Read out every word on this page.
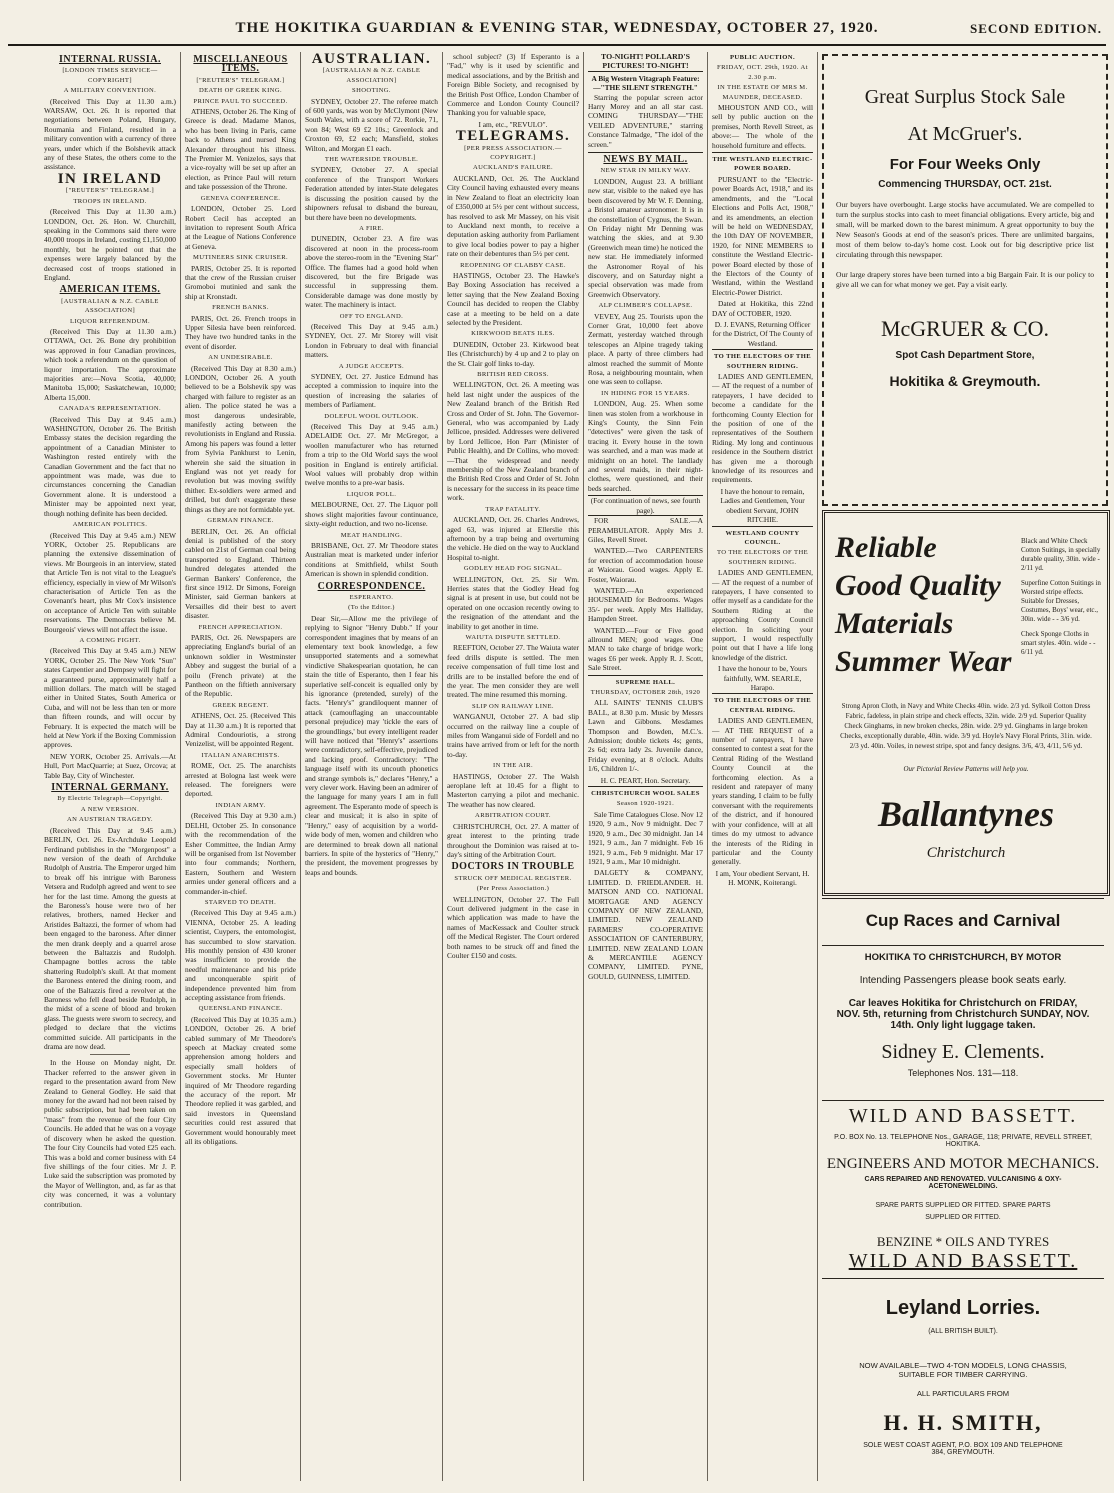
THE HOKITIKA GUARDIAN & EVENING STAR, WEDNESDAY, OCTOBER 27, 1920.	SECOND EDITION.
INTERNAL RUSSIA.
[LONDON TIMES SERVICE—COPYRIGHT]
A MILITARY CONVENTION.

(Received This Day at 11.30 a.m.) WARSAW, Oct. 26. It is reported that negotiations between Poland, Hungary, Roumania and Finland, resulted in a military convention with a currency of three years, under which if the Bolshevik attack any of these States, the others come to the assistance.

IN IRELAND
["REUTER'S" TELEGRAM.]
TROOPS IN IRELAND.

(Received This Day at 11.30 a.m.) LONDON, Oct. 26. Hon. W. Churchill, speaking in the Commons said there were 40,000 troops in Ireland, costing £1,150,000 monthly, but he pointed out that the expenses were largely balanced by the decreased cost of troops stationed in England.

AMERICAN ITEMS.
[AUSTRALIAN & N.Z. CABLE ASSOCIATION]
LIQUOR REFERENDUM.

(Received This Day at 11.30 a.m.) OTTAWA, Oct. 26. Bone dry prohibition was approved in four Canadian provinces, which took a referendum on the question of liquor importation. The approximate majorities are:—Nova Scotia, 40,000; Manitoba 15,000; Saskatchewan, 10,000; Alberta 15,000.

CANADA'S REPRESENTATION.

(Received This Day at 9.45 a.m.) WASHINGTON, October 26. The British Embassy states the decision regarding the appointment of a Canadian Minister to Washington rested entirely with the Canadian Government and the fact that no appointment was made, was due to circumstances concerning the Canadian Government alone. It is understood a Minister may be appointed next year, though nothing definite has been decided.

AMERICAN POLITICS.

(Received This Day at 9.45 a.m.) NEW YORK, October 25. Republicans are planning the extensive dissemination of views. Mr Bourgeois in an interview, stated that Article Ten is not vital to the League's efficiency, especially in view of Mr Wilson's characterisation of Article Ten as the Covenant's heart, plus Mr Cox's insistence on acceptance of Article Ten with suitable reservations. The Democrats believe M. Bourgeois' views will not affect the issue.

A COMING FIGHT.

(Received This Day at 9.45 a.m.) NEW YORK, October 25. The New York "Sun" states Carpentier and Dempsey will fight for a guaranteed purse, approximately half a million dollars. The match will be staged either in United States, South America or Cuba, and will not be less than ten or more than fifteen rounds, and will occur by February. It is expected the match will be held at New York if the Boxing Commission approves.

NEW YORK, October 25. Arrivals.—At Hull, Port MacQuarrie; at Suez, Orcova; at Table Bay, City of Winchester.

INTERNAL GERMANY.
By Electric Telegraph—Copyright.
A NEW VERSION.
AN AUSTRIAN TRAGEDY.

(Received This Day at 9.45 a.m.) BERLIN, Oct. 26. Ex-Archduke Leopold Ferdinand publishes in the "Morgenpost" a new version of the death of Archduke Rudolph of Austria. The Emperor urged him to break off his intrigue with Baroness Vetsera and Rudolph agreed and went to see her for the last time. Among the guests at the Baroness's house were two of her relatives, brothers, named Hecker and Aristides Baltazzi, the former of whom had been engaged to the baroness. After dinner the men drank deeply and a quarrel arose between the Baltazzis and Rudolph. Champagne bottles across the table shattering Rudolph's skull. At that moment the Baroness entered the dining room, and one of the Baltazzis fired a revolver at the Baroness who fell dead beside Rudolph, in the midst of a scene of blood and broken glass. The guests were sworn to secrecy, and pledged to declare that the victims committed suicide. All participants in the drama are now dead.

In the House on Monday night, Dr. Thacker referred to the answer given in regard to the presentation award from New Zealand to General Godley. He said that money for the award had not been raised by public subscription, but had been taken on "mass" from the revenue of the four City Councils. He added that he was on a voyage of discovery when he asked the question. The four City Councils had voted £25 each. This was a bold and corner business with £4 five shillings of the four cities. Mr J. P. Luke said the subscription was promoted by the Mayor of Wellington, and, as far as that city was concerned, it was a voluntary contribution.

MISCELLANEOUS ITEMS.
["REUTER'S" TELEGRAM.]
DEATH OF GREEK KING.
PRINCE PAUL TO SUCCEED.

ATHENS, October 26. The King of Greece is dead. Madame Manos, who has been living in Paris, came back to Athens and nursed King Alexander throughout his illness. The Premier M. Venizelos, says that a vice-royalty will be set up after an election, as Prince Paul will return and take possession of the Throne.

GENEVA CONFERENCE.

LONDON, October 25. Lord Robert Cecil has accepted an invitation to represent South Africa at the League of Nations Conference at Geneva.

MUTINEERS SINK CRUISER.

PARIS, October 25. It is reported that the crew of the Russian cruiser Gromoboi mutinied and sank the ship at Kronstadt.

FRENCH BANKS.

PARIS, Oct. 26. French troops in Upper Silesia have been reinforced. They have two hundred tanks in the event of disorder.

AN UNDESIRABLE.

(Received This Day at 8.30 a.m.) LONDON, October 26. A youth believed to be a Bolshevik spy was charged with failure to register as an alien. The police stated he was a most dangerous undesirable, manifestly acting between the revolutionists in England and Russia. Among his papers was found a letter from Sylvia Pankhurst to Lenin, wherein she said the situation in England was not yet ready for revolution but was moving swiftly thither. Ex-soldiers were armed and drilled, but don't exaggerate these things as they are not formidable yet.

GERMAN FINANCE.

BERLIN, Oct. 26. An official denial is published of the story cabled on 21st of German coal being transported to England. Thirteen hundred delegates attended the German Bankers' Conference, the first since 1912. Dr Simons, Foreign Minister, said German bankers at Versailles did their best to avert disaster.

FRENCH APPRECIATION.

PARIS, Oct. 26. Newspapers are appreciating England's burial of an unknown soldier in Westminster Abbey and suggest the burial of a poilu (French private) at the Pantheon on the fiftieth anniversary of the Republic.

GREEK REGENT.

ATHENS, Oct. 25. (Received This Day at 11.30 a.m.) It is reported that Admiral Condouriotis, a strong Venizelist, will be appointed Regent.

ITALIAN ANARCHISTS.

ROME, Oct. 25. The anarchists arrested at Bologna last week were released. The foreigners were deported.

INDIAN ARMY.

(Received This Day at 9.30 a.m.) DELHI, October 25. In consonance with the recommendation of the Esher Committee, the Indian Army will be organised from 1st November into four commands; Northern, Eastern, Southern and Western armies under general officers and a commander-in-chief.

STARVED TO DEATH.

(Received This Day at 9.45 a.m.) VIENNA, October 25. A leading scientist, Cuypers, the entomologist, has succumbed to slow starvation. His monthly pension of 430 kroner was insufficient to provide the needful maintenance and his pride and unconquerable spirit of independence prevented him from accepting assistance from friends.

QUEENSLAND FINANCE.

(Received This Day at 10.35 a.m.) LONDON, October 26. A brief cabled summary of Mr Theodore's speech at Mackay created some apprehension among holders and especially small holders of Government stocks. Mr Hunter inquired of Mr Theodore regarding the accuracy of the report. Mr Theodore replied it was garbled, and said investors in Queensland securities could rest assured that Government would honourably meet all its obligations.

AUSTRALIAN.
[AUSTRALIAN & N.Z. CABLE ASSOCIATION]
SHOOTING.

SYDNEY, October 27. The referee match of 600 yards, was won by McClymont (New South Wales, with a score of 72. Rorkie, 71, won 84; West 69 £2 10s.; Greenlock and Croxton 69, £2 each; Mansfield, stokes Wilton, and Morgan £1 each.

THE WATERSIDE TROUBLE.

SYDNEY, October 27. A special conference of the Transport Workers Federation attended by inter-State delegates is discussing the position caused by the shipowners refusal to disband the bureau, but there have been no developments.

A FIRE.

DUNEDIN, October 23. A fire was discovered at noon in the process-room above the stereo-room in the "Evening Star" Office. The flames had a good hold when discovered, but the fire Brigade was successful in suppressing them. Considerable damage was done mostly by water. The machinery is intact.

OFF TO ENGLAND.

(Received This Day at 9.45 a.m.) SYDNEY, Oct. 27. Mr Storey will visit London in February to deal with financial matters.

A JUDGE ACCEPTS.

SYDNEY, Oct. 27. Justice Edmund has accepted a commission to inquire into the question of increasing the salaries of members of Parliament.

DOLEFUL WOOL OUTLOOK.

(Received This Day at 9.45 a.m.) ADELAIDE Oct. 27. Mr McGregor, a woollen manufacturer who has returned from a trip to the Old World says the wool position in England is entirely artificial. Wool values will probably drop within twelve months to a pre-war basis.

LIQUOR POLL.

MELBOURNE, Oct. 27. The Liquor poll shows slight majorities favour continuance, sixty-eight reduction, and two no-license.

MEAT HANDLING.

BRISBANE, Oct. 27. Mr Theodore states Australian meat is marketed under inferior conditions at Smithfield, whilst South American is shown in splendid condition.

CORRESPONDENCE.
ESPERANTO.
(To the Editor.)

Dear Sir,—Allow me the privilege of replying to Signor "Henry Dubb." If your correspondent imagines that by means of an elementary text book knowledge, a few unsupported statements and a somewhat vindictive Shakespearian quotation, he can stain the title of Esperanto, then I fear his superlative self-conceit is equalled only by his ignorance (pretended, surely) of the facts. "Henry's" grandiloquent manner of attack (camouflaging an unaccountable personal prejudice) may 'tickle the ears of the groundlings,' but every intelligent reader will have noticed that "Henry's" assertions were contradictory, self-effective, prejudiced and lacking proof. Contradictory: "The language itself with its uncouth phonetics and strange symbols is," declares "Henry," a very clever work. Having been an admirer of the language for many years I am in full agreement. The Esperanto mode of speech is clear and musical; it is also in spite of "Henry," easy of acquisition by a world-wide body of men, women and children who are determined to break down all national barriers. In spite of the hysterics of "Henry," the president, the movement progresses by leaps and bounds.

school subject? (3) If Esperanto is a "Fad," why is it used by scientific and medical associations, and by the British and Foreign Bible Society, and recognised by the British Post Office, London Chamber of Commerce and London County Council? Thanking you for valuable space,

I am, etc., "REVULO".
TELEGRAMS.
[PER PRESS ASSOCIATION.—COPYRIGHT.]
AUCKLAND'S FAILURE.

AUCKLAND, Oct. 26. The Auckland City Council having exhausted every means in New Zealand to float an electricity loan of £350,000 at 5½ per cent without success, has resolved to ask Mr Massey, on his visit to Auckland next month, to receive a deputation asking authority from Parliament to give local bodies power to pay a higher rate on their debentures than 5½ per cent.

REOPENING OF CLABBY CASE.

HASTINGS, October 23. The Hawke's Bay Boxing Association has received a letter saying that the New Zealand Boxing Council has decided to reopen the Clabby case at a meeting to be held on a date selected by the President.

KIRKWOOD BEATS ILES.

DUNEDIN, October 23. Kirkwood beat Iles (Christchurch) by 4 up and 2 to play on the St. Clair golf links to-day.

BRITISH RED CROSS.

WELLINGTON, Oct. 26. A meeting was held last night under the auspices of the New Zealand branch of the British Red Cross and Order of St. John. The Governor-General, who was accompanied by Lady Jellicoe, presided. Addresses were delivered by Lord Jellicoe, Hon Parr (Minister of Public Health), and Dr Collins, who moved:—That the widespread and needy membership of the New Zealand branch of the British Red Cross and Order of St. John is necessary for the success in its peace time work.

TRAP FATALITY.

AUCKLAND, Oct. 26. Charles Andrews, aged 63, was injured at Ellerslie this afternoon by a trap being and overturning the vehicle. He died on the way to Auckland Hospital to-night.

GODLEY HEAD FOG SIGNAL.

WELLINGTON, Oct. 25. Sir Wm. Herries states that the Godley Head fog signal is at present in use, but could not be operated on one occasion recently owing to the resignation of the attendant and the inability to get another in time.

WAIUTA DISPUTE SETTLED.

REEFTON, October 27. The Waiuta water feed drills dispute is settled. The men receive compensation of full time lost and drills are to be installed before the end of the year. The men consider they are well treated. The mine resumed this morning.

SLIP ON RAILWAY LINE.

WANGANUI, October 27. A bad slip occurred on the railway line a couple of miles from Wanganui side of Fordell and no trains have arrived from or left for the north to-day.

IN THE AIR.

HASTINGS, October 27. The Walsh aeroplane left at 10.45 for a flight to Masterton carrying a pilot and mechanic. The weather has now cleared.

ARBITRATION COURT.

CHRISTCHURCH, Oct. 27. A matter of great interest to the printing trade throughout the Dominion was raised at to-day's sitting of the Arbitration Court.

DOCTORS IN TROUBLE
STRUCK OFF MEDICAL REGISTER.
(Per Press Association.)

WELLINGTON, October 27. The Full Court delivered judgment in the case in which application was made to have the names of MacKessack and Coulter struck off the Medical Register. The Court ordered both names to be struck off and fined the Coulter £150 and costs.

TO-NIGHT! POLLARD'S PICTURES! TO-NIGHT!
A Big Western Vitagraph Feature:—"THE SILENT STRENGTH."

Starring the popular screen actor Harry Morey and an all star cast. COMING THURSDAY—"THE VEILED ADVENTURE," starring Constance Talmadge, "The idol of the screen."

NEWS BY MAIL.
NEW STAR IN MILKY WAY.

LONDON, August 23. A brilliant new star, visible to the naked eye has been discovered by Mr W. F. Denning, a Bristol amateur astronomer. It is in the constellation of Cygnus, the Swan. On Friday night Mr Denning was watching the skies, and at 9.30 (Greenwich mean time) he noticed the new star. He immediately informed the Astronomer Royal of his discovery, and on Saturday night a special observation was made from Greenwich Observatory.

ALP CLIMBER'S COLLAPSE.

VEVEY, Aug 25. Tourists upon the Corner Grat, 10,000 feet above Zermatt, yesterday watched through telescopes an Alpine tragedy taking place. A party of three climbers had almost reached the summit of Monte Rosa, a neighbouring mountain, when one was seen to collapse.

IN HIDING FOR 15 YEARS.

LONDON, Aug. 25. When some linen was stolen from a workhouse in King's County, the Sinn Fein "detectives" were given the task of tracing it. Every house in the town was searched, and a man was made at midnight on an hotel. The landlady and several maids, in their night-clothes, were questioned, and their beds searched.

(For continuation of news, see fourth page).

FOR SALE.—A PERAMBULATOR. Apply Mrs J. Giles, Revell Street.

WANTED.—Two CARPENTERS for erection of accommodation house at Waiorau. Good wages. Apply E. Foster, Waiorau.

WANTED.—An experienced HOUSEMAID for Bedrooms. Wages 35/- per week. Apply Mrs Halliday, Hampden Street.

WANTED.—Four or Five good allround MEN; good wages. One MAN to take charge of bridge work; wages £6 per week. Apply R. J. Scott, Sale Street.

SUPREME HALL.
THURSDAY, OCTOBER 28th, 1920

ALL SAINTS' TENNIS CLUB'S BALL, at 8.30 p.m. Music by Messrs Lawn and Gibbons. Mesdames Thompson and Bowden, M.C.'s. Admission; double tickets 4s; gents, 2s 6d; extra lady 2s. Juvenile dance, Friday evening, at 8 o'clock. Adults 1/6, Children 1/-.

H. C. PEART, Hon. Secretary.
CHRISTCHURCH WOOL SALES
Season 1920-1921.

Sale Time Catalogues Close. Nov 12 1920, 9 a.m., Nov 9 midnight. Dec 7 1920, 9 a.m., Dec 30 midnight. Jan 14 1921, 9 a.m., Jan 7 midnight. Feb 16 1921, 9 a.m., Feb 9 midnight. Mar 17 1921, 9 a.m., Mar 10 midnight.

DALGETY & COMPANY, LIMITED. D. FRIEDLANDER. H. MATSON AND CO. NATIONAL MORTGAGE AND AGENCY COMPANY OF NEW ZEALAND, LIMITED. NEW ZEALAND FARMERS' CO-OPERATIVE ASSOCIATION OF CANTERBURY, LIMITED. NEW ZEALAND LOAN & MERCANTILE AGENCY COMPANY, LIMITED. PYNE, GOULD, GUINNESS, LIMITED.

PUBLIC AUCTION.
FRIDAY, OCT. 29th, 1920. At 2.30 p.m.
IN THE ESTATE OF MRS M. MAUNDER, DECEASED.

MHOUSTON AND CO., will sell by public auction on the premises, North Revell Street, as above:— The whole of the household furniture and effects.

THE WESTLAND ELECTRIC-POWER BOARD.

PURSUANT to the "Electric-power Boards Act, 1918," and its amendments, and the "Local Elections and Polls Act, 1908," and its amendments, an election will be held on WEDNESDAY, the 10th DAY OF NOVEMBER, 1920, for NINE MEMBERS to constitute the Westland Electric-power Board elected by those of the Electors of the County of Westland, within the Westland Electric-Power District.

Dated at Hokitika, this 22nd DAY of OCTOBER, 1920.

D. J. EVANS, Returning Officer for the District, Of The County of Westland.
TO THE ELECTORS OF THE SOUTHERN RIDING.

LADIES AND GENTLEMEN,— AT the request of a number of ratepayers, I have decided to become a candidate for the forthcoming County Election for the position of one of the representatives of the Southern Riding. My long and continuous residence in the Southern district has given me a thorough knowledge of its resources and requirements.

I have the honour to remain, Ladies and Gentlemen, Your obedient Servant, JOHN RITCHIE.
WESTLAND COUNTY COUNCIL.
TO THE ELECTORS OF THE SOUTHERN RIDING.

LADIES AND GENTLEMEN,— AT the request of a number of ratepayers, I have consented to offer myself as a candidate for the Southern Riding at the approaching County Council election. In soliciting your support, I would respectfully point out that I have a life long knowledge of the district.

I have the honour to be, Yours faithfully, WM. SEARLE, Harapo.
TO THE ELECTORS OF THE CENTRAL RIDING.

LADIES AND GENTLEMEN,— AT THE REQUEST of a number of ratepayers, I have consented to contest a seat for the Central Riding of the Westland County Council at the forthcoming election. As a resident and ratepayer of many years standing, I claim to be fully conversant with the requirements of the district, and if honoured with your confidence, will at all times do my utmost to advance the interests of the Riding in particular and the County generally.

I am, Your obedient Servant, H. H. MONK, Koiterangi.
Great Surplus Stock Sale
At McGruer's.
For Four Weeks Only
Commencing THURSDAY, OCT. 21st.
Our buyers have overbought. Large stocks have accumulated. We are compelled to turn the surplus stocks into cash to meet financial obligations. Every article, big and small, will be marked down to the barest minimum. A great opportunity to buy the New Season's Goods at end of the season's prices. There are unlimited bargains, most of them below to-day's home cost. Look out for big descriptive price list circulating through this newspaper.
Our large drapery stores have been turned into a big Bargain Fair. It is our policy to give all we can for what money we get. Pay a visit early.
McGRUER & CO.
Spot Cash Department Store,
Hokitika & Greymouth.
Reliable
Good Quality
Materials
Summer Wear
Black and White Check Cotton Suitings, in specially durable quality, 30in. wide - 2/11 yd.
Superfine Cotton Suitings in Worsted stripe effects. Suitable for Dresses, Costumes, Boys' wear, etc., 30in. wide - - 3/6 yd.
Check Sponge Cloths in smart styles. 40in. wide - - 6/11 yd.
Strong Apron Cloth, in Navy and White Checks 40in. wide. 2/3 yd. Sylkoil Cotton Dress Fabric, fadeless, in plain stripe and check effects, 32in. wide. 2/9 yd. Superior Quality Check Ginghams, in new broken checks, 28in. wide. 2/9 yd. Ginghams in large broken Checks, exceptionally durable, 40in. wide. 3/9 yd. Hoyle's Navy Floral Prints, 31in. wide. 2/3 yd. 40in. Voiles, in newest stripe, spot and fancy designs. 3/6, 4/3, 4/11, 5/6 yd.
Our Pictorial Review Patterns will help you.
Ballantynes
Christchurch
Cup Races and Carnival
HOKITIKA TO CHRISTCHURCH, BY MOTOR
Intending Passengers please book seats early.
Car leaves Hokitika for Christchurch on FRIDAY, NOV. 5th, returning from Christchurch SUNDAY, NOV. 14th. Only light luggage taken.
Sidney E. Clements.
Telephones Nos. 131—118.
WILD AND BASSETT.
P.O. BOX No. 13. TELEPHONE Nos., GARAGE, 118; PRIVATE, REVELL STREET, HOKITIKA.
ENGINEERS AND MOTOR MECHANICS.
CARS REPAIRED AND RENOVATED. VULCANISING & OXY-ACETONEWELDING.
SPARE PARTS SUPPLIED OR FITTED. SPARE PARTS SUPPLIED OR FITTED.
BENZINE * OILS AND TYRES
WILD AND BASSETT.
Leyland Lorries.
(ALL BRITISH BUILT).
NOW AVAILABLE—TWO 4-TON MODELS, LONG CHASSIS, SUITABLE FOR TIMBER CARRYING.
ALL PARTICULARS FROM
H. H. SMITH,
SOLE WEST COAST AGENT, P.O. BOX 109 AND TELEPHONE 384, GREYMOUTH.
